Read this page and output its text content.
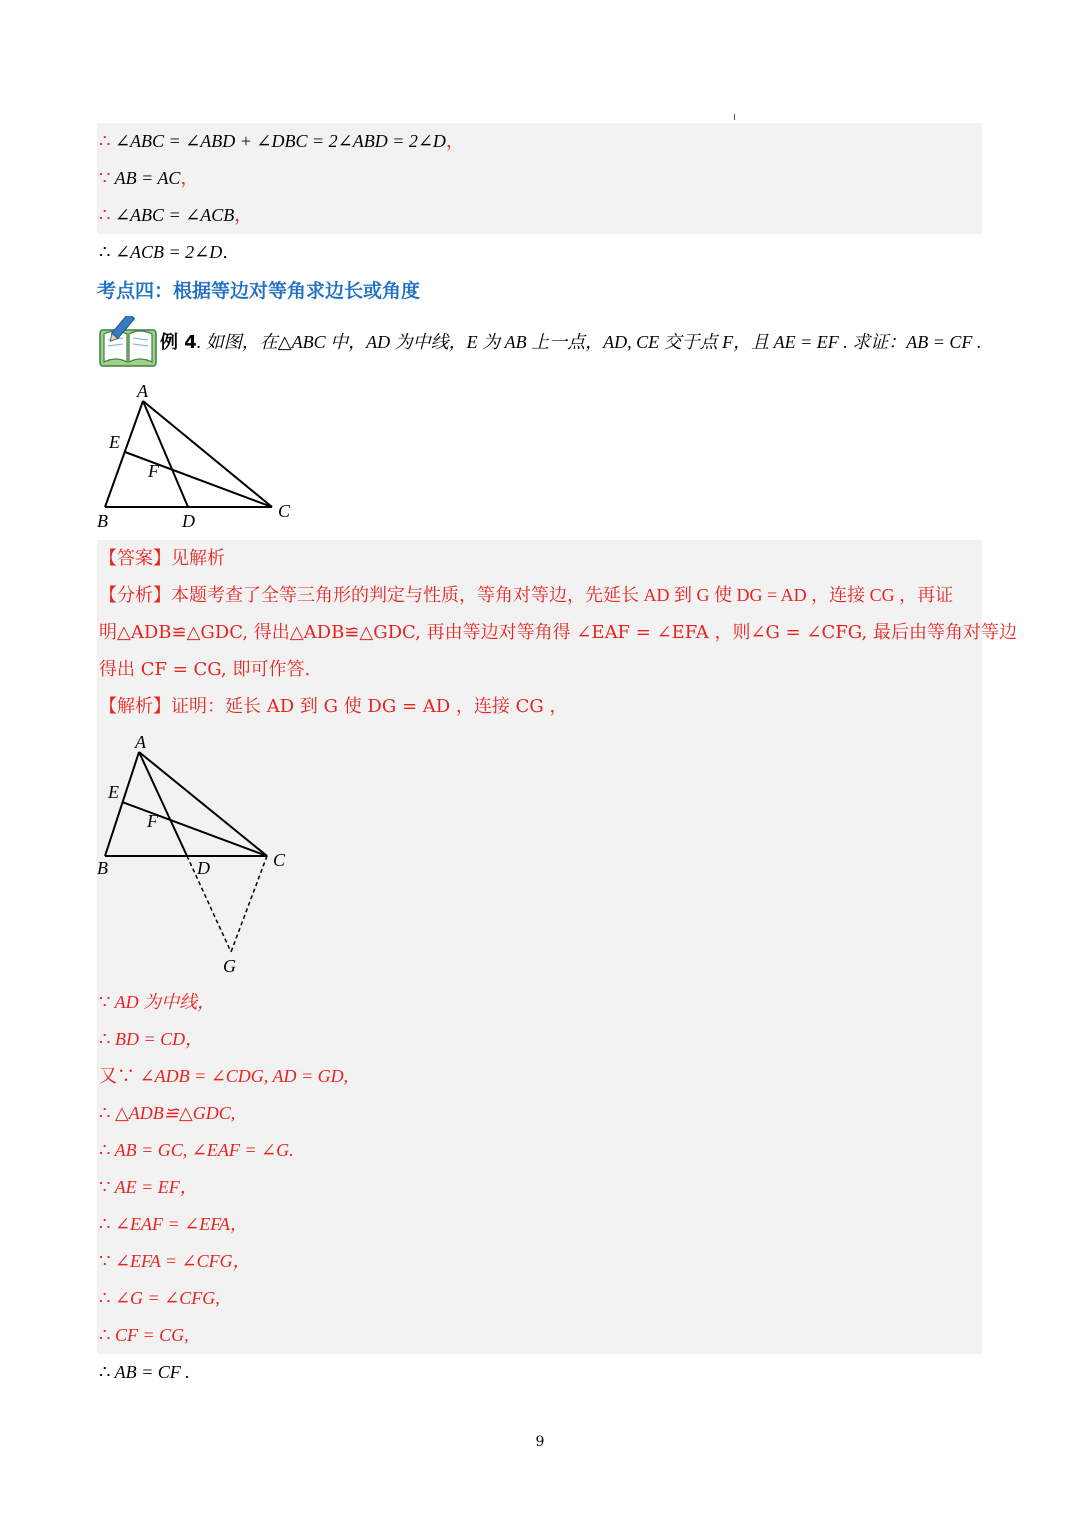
∴ ∠ABC = ∠ABD + ∠DBC = 2∠ABD = 2∠D，
∵ AB = AC，
∴ ∠ABC = ∠ACB，
∴ ∠ACB = 2∠D.
考点四：根据等边对等角求边长或角度
例 4. 如图，在△ABC 中，AD 为中线，E 为 AB 上一点，AD, CE 交于点 F，且 AE = EF . 求证：AB = CF .
A
B	C
D
E
F
【答案】见解析
【分析】本题考查了全等三角形的判定与性质，等角对等边，先延长 AD 到 G 使 DG = AD ，连接 CG ，再证
明△ADB≌△GDC, 得出△ADB≌△GDC, 再由等边对等角得 ∠EAF = ∠EFA ，则∠G = ∠CFG, 最后由等角对等边
得出 CF = CG, 即可作答.
【解析】证明：延长 AD 到 G 使 DG = AD ，连接 CG ，
A
B	C
D
E
F
G
∵ AD 为中线，
∴ BD = CD，
又∵ ∠ADB = ∠CDG, AD = GD,
∴ △ADB≌△GDC,
∴ AB = GC, ∠EAF = ∠G.
∵ AE = EF，
∴ ∠EAF = ∠EFA，
∵ ∠EFA = ∠CFG，
∴ ∠G = ∠CFG,
∴ CF = CG,
∴ AB = CF .
9
